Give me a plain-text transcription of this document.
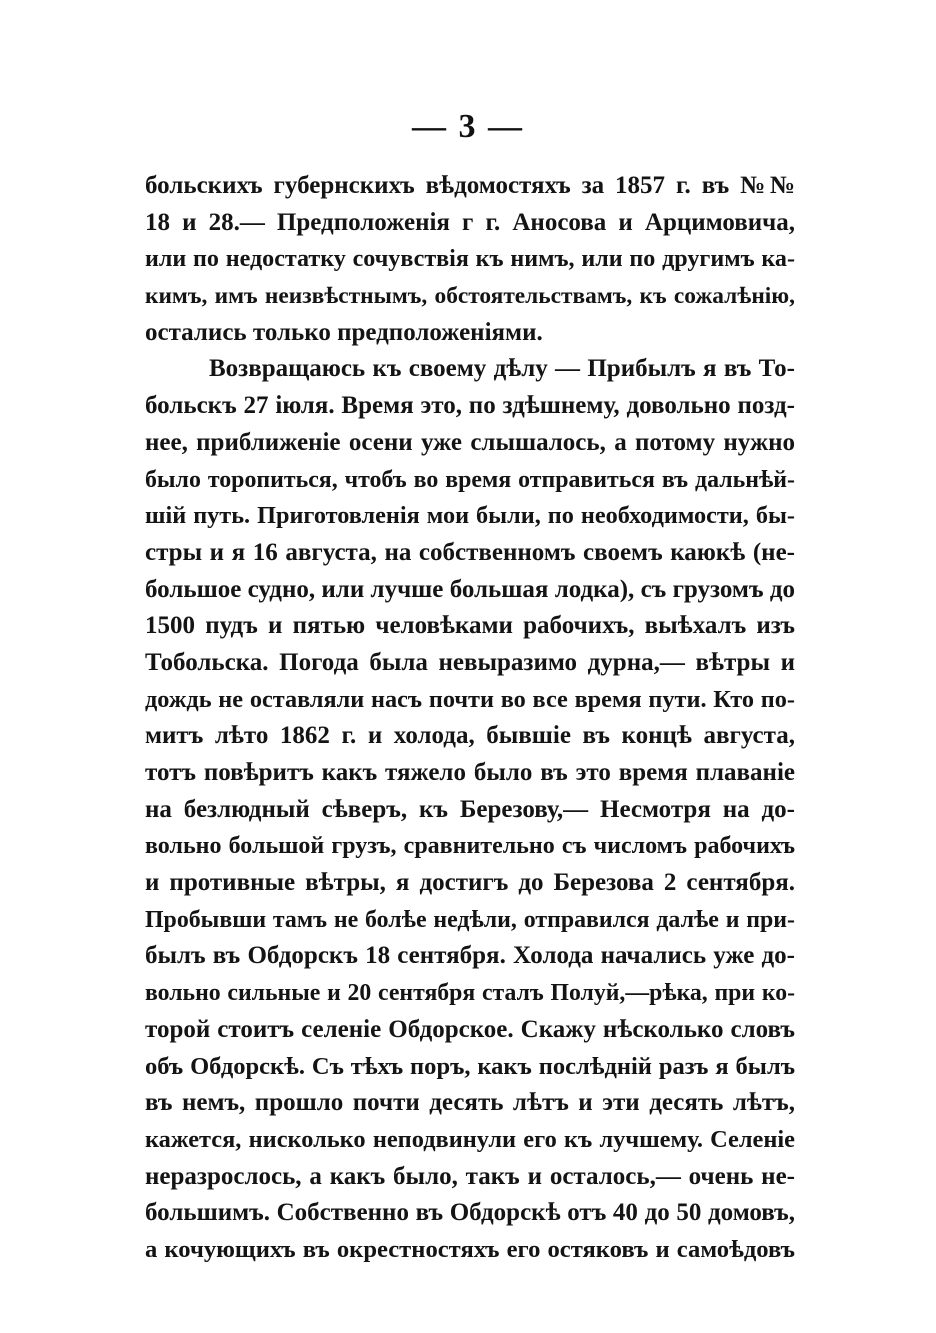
— 3 —
больскихъ губернскихъ вѣдомостяхъ за 1857 г. въ №№
18 и 28.— Предположенія г г. Аносова и Арцимовича,
или по недостатку сочувствія къ нимъ, или по другимъ ка-
кимъ, имъ неизвѣстнымъ, обстоятельствамъ, къ сожалѣнію,
остались только предположеніями.
Возвращаюсь къ своему дѣлу — Прибылъ я въ То-
больскъ 27 іюля. Время это, по здѣшнему, довольно позд-
нее, приближеніе осени уже слышалось, а потому нужно
было торопиться, чтобъ во время отправиться въ дальнѣй-
шій путь. Приготовленія мои были, по необходимости, бы-
стры и я 16 августа, на собственномъ своемъ каюкѣ (не-
большое судно, или лучше большая лодка), съ грузомъ до
1500 пудъ и пятью человѣками рабочихъ, выѣхалъ изъ
Тобольска. Погода была невыразимо дурна,— вѣтры и
дождь не оставляли насъ почти во все время пути. Кто по-
митъ лѣто 1862 г. и холода, бывшіе въ концѣ августа,
тотъ повѣритъ какъ тяжело было въ это время плаваніе
на безлюдный сѣверъ, къ Березову,— Несмотря на до-
вольно большой грузъ, сравнительно съ числомъ рабочихъ
и противные вѣтры, я достигъ до Березова 2 сентября.
Пробывши тамъ не болѣе недѣли, отправился далѣе и при-
былъ въ Обдорскъ 18 сентября. Холода начались уже до-
вольно сильные и 20 сентября сталъ Полуй,—рѣка, при ко-
торой стоитъ селеніе Обдорское. Скажу нѣсколько словъ
объ Обдорскѣ. Съ тѣхъ поръ, какъ послѣдній разъ я былъ
въ немъ, прошло почти десять лѣтъ и эти десять лѣтъ,
кажется, нисколько неподвинули его къ лучшему. Селеніе
неразрослось, а какъ было, такъ и осталось,— очень не-
большимъ. Собственно въ Обдорскѣ отъ 40 до 50 домовъ,
а кочующихъ въ окрестностяхъ его остяковъ и самоѣдовъ
